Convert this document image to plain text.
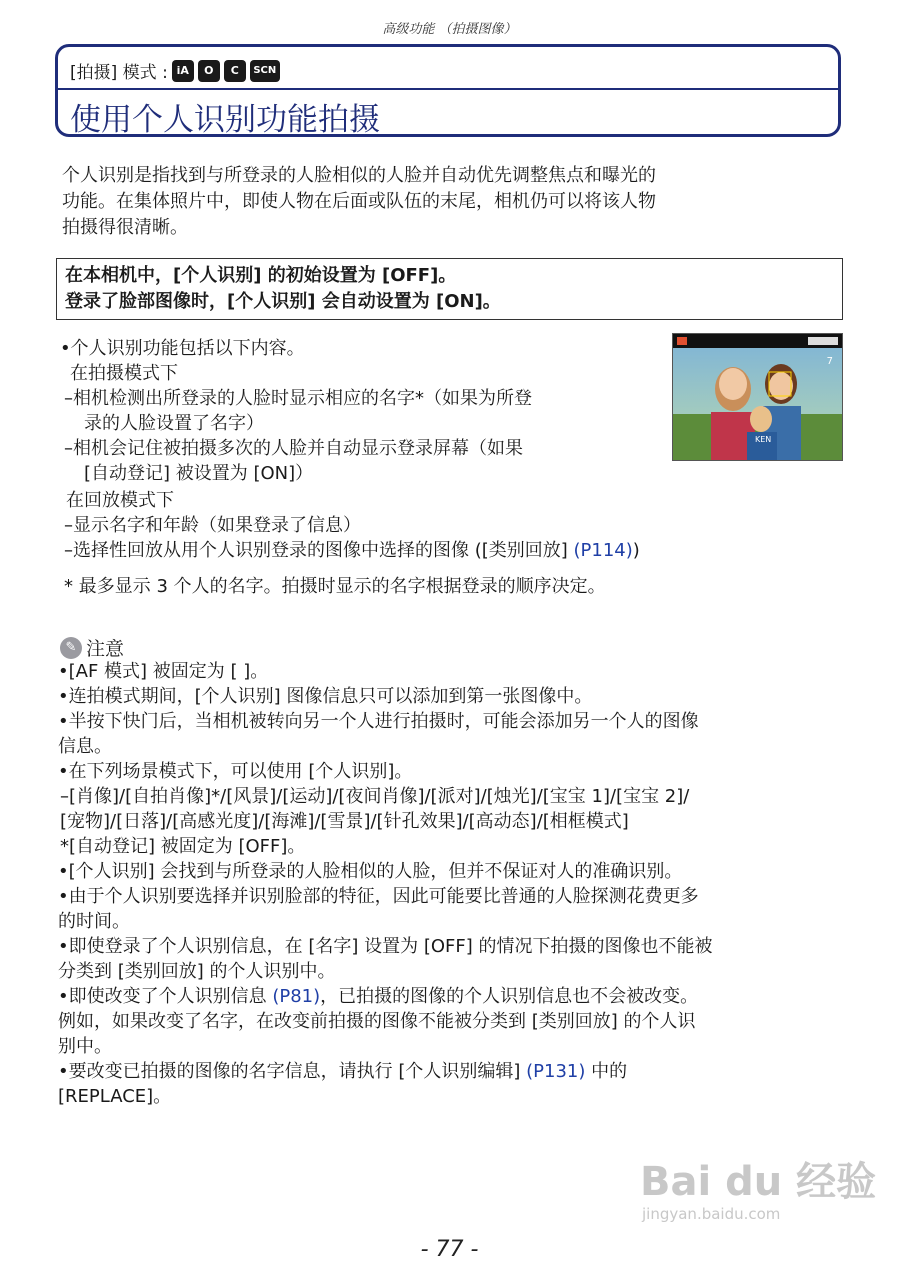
高级功能 （拍摄图像）
[拍摄] 模式 : iA	O	C	SCN
使用个人识别功能拍摄
个人识别是指找到与所登录的人脸相似的人脸并自动优先调整焦点和曝光的
功能。在集体照片中，即使人物在后面或队伍的末尾，相机仍可以将该人物
拍摄得很清晰。
在本相机中，[个人识别] 的初始设置为 [OFF]。
登录了脸部图像时，[个人识别] 会自动设置为 [ON]。
•个人识别功能包括以下内容。
在拍摄模式下
–相机检测出所登录的人脸时显示相应的名字*（如果为所登
录的人脸设置了名字）
–相机会记住被拍摄多次的人脸并自动显示登录屏幕（如果
[自动登记] 被设置为 [ON]）
在回放模式下
–显示名字和年龄（如果登录了信息）
–选择性回放从用个人识别登录的图像中选择的图像 ([类别回放] (P114))
* 最多显示 3 个人的名字。拍摄时显示的名字根据登录的顺序决定。
7
KEN
✎ 注意
•[AF 模式] 被固定为 [ ]。
•连拍模式期间，[个人识别] 图像信息只可以添加到第一张图像中。
•半按下快门后，当相机被转向另一个人进行拍摄时，可能会添加另一个人的图像
信息。
•在下列场景模式下，可以使用 [个人识别]。
–[肖像]/[自拍肖像]*/[风景]/[运动]/[夜间肖像]/[派对]/[烛光]/[宝宝 1]/[宝宝 2]/
[宠物]/[日落]/[高感光度]/[海滩]/[雪景]/[针孔效果]/[高动态]/[相框模式]
*[自动登记] 被固定为 [OFF]。
•[个人识别] 会找到与所登录的人脸相似的人脸，但并不保证对人的准确识别。
•由于个人识别要选择并识别脸部的特征，因此可能要比普通的人脸探测花费更多
的时间。
•即使登录了个人识别信息，在 [名字] 设置为 [OFF] 的情况下拍摄的图像也不能被
分类到 [类别回放] 的个人识别中。
•即使改变了个人识别信息 (P81)，已拍摄的图像的个人识别信息也不会被改变。
例如，如果改变了名字，在改变前拍摄的图像不能被分类到 [类别回放] 的个人识
别中。
•要改变已拍摄的图像的名字信息，请执行 [个人识别编辑] (P131) 中的
[REPLACE]。
Bai du 经验
jingyan.baidu.com
- 77 -
